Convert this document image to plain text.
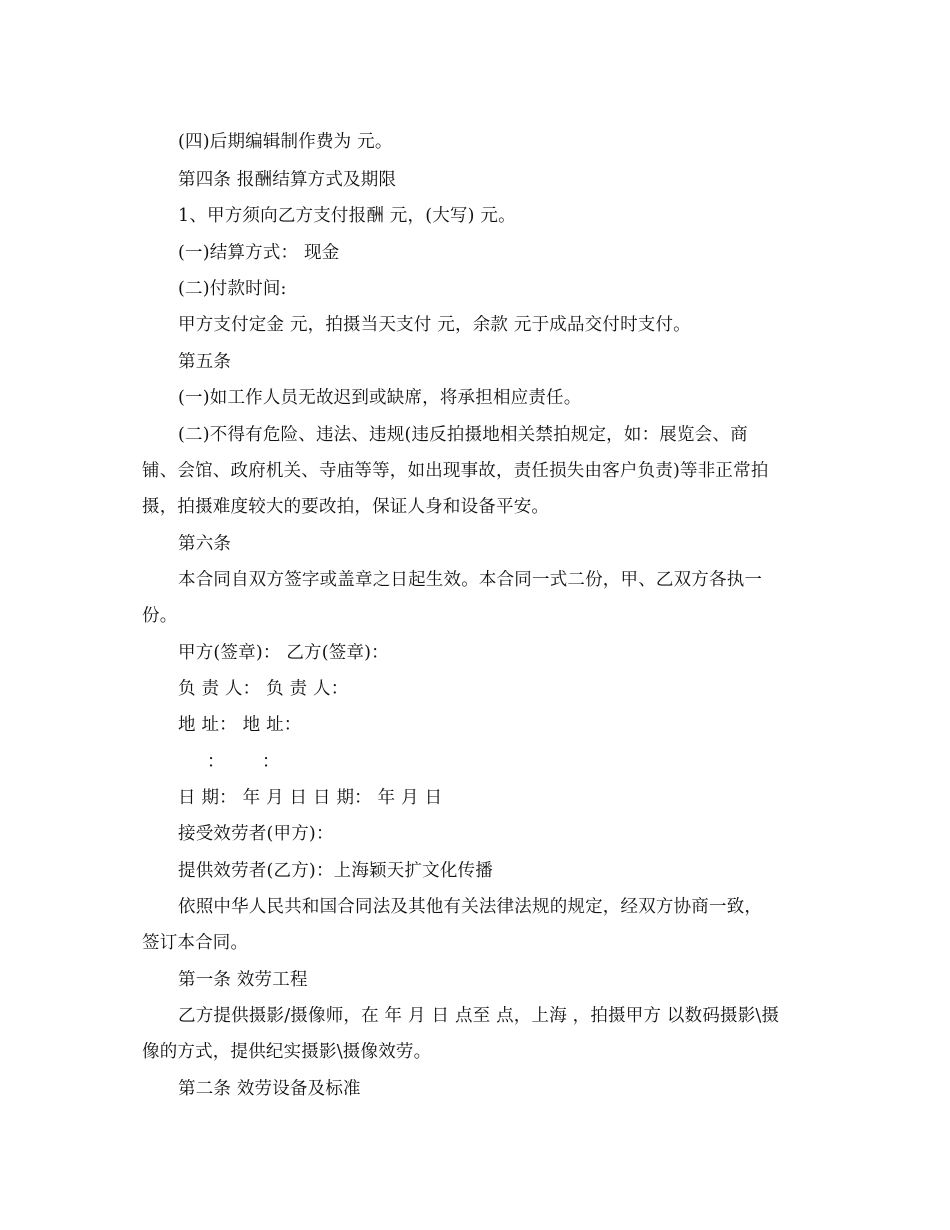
(四)后期编辑制作费为 元。
第四条 报酬结算方式及期限
1、甲方须向乙方支付报酬 元，(大写) 元。
(一)结算方式： 现金
(二)付款时间:
甲方支付定金 元，拍摄当天支付 元，余款 元于成品交付时支付。
第五条
(一)如工作人员无故迟到或缺席，将承担相应责任。
(二)不得有危险、违法、违规(违反拍摄地相关禁拍规定，如：展览会、商
铺、会馆、政府机关、寺庙等等，如出现事故，责任损失由客户负责)等非正常拍
摄，拍摄难度较大的要改拍，保证人身和设备平安。
第六条
本合同自双方签字或盖章之日起生效。本合同一式二份，甲、乙双方各执一
份。
甲方(签章)： 乙方(签章)：
负 责 人： 负 责 人：
地 址： 地 址：
： ：
日 期： 年 月 日 日 期： 年 月 日
接受效劳者(甲方)：
提供效劳者(乙方)：上海颖天扩文化传播
依照中华人民共和国合同法及其他有关法律法规的规定，经双方协商一致，
签订本合同。
第一条 效劳工程
乙方提供摄影/摄像师，在 年 月 日 点至 点，上海 ，拍摄甲方 以数码摄影\摄
像的方式，提供纪实摄影\摄像效劳。
第二条 效劳设备及标准
